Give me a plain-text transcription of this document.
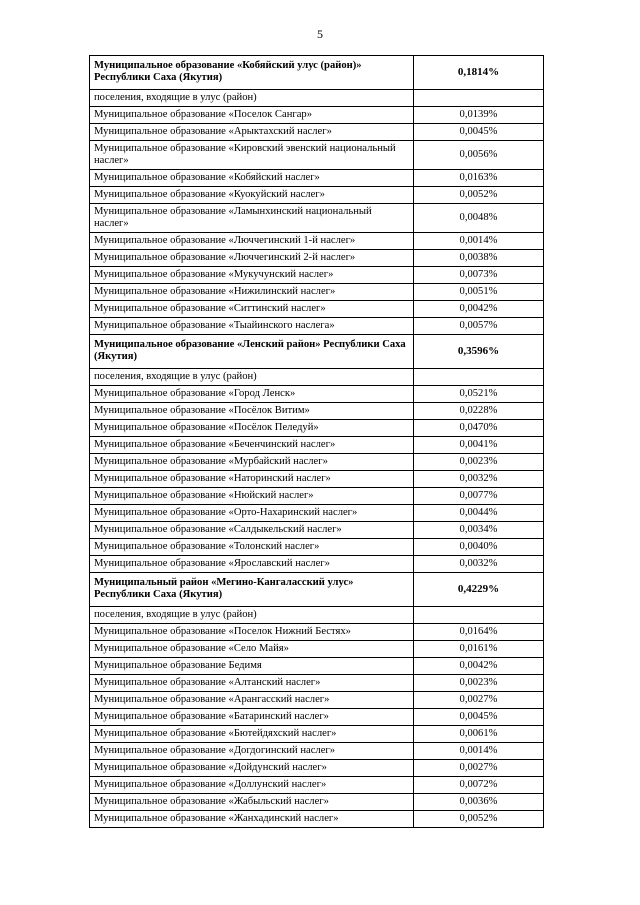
5
Муниципальное образование «Кобяйский улус (район)» Республики Саха (Якутия)	0,1814%
поселения, входящие в улус (район)	
Муниципальное образование «Поселок Сангар»	0,0139%
Муниципальное образование «Арыктахский наслег»	0,0045%
Муниципальное образование «Кировский эвенский национальный наслег»	0,0056%
Муниципальное образование «Кобяйский наслег»	0,0163%
Муниципальное образование «Куокуйский наслег»	0,0052%
Муниципальное образование «Ламынхинский национальный наслег»	0,0048%
Муниципальное образование «Люччегинский 1-й наслег»	0,0014%
Муниципальное образование «Люччегинский 2-й наслег»	0,0038%
Муниципальное образование «Мукучунский наслег»	0,0073%
Муниципальное образование «Нижилинский наслег»	0,0051%
Муниципальное образование «Ситтинский наслег»	0,0042%
Муниципальное образование «Тыайинского наслега»	0,0057%
Муниципальное образование «Ленский район» Республики Саха (Якутия)	0,3596%
поселения, входящие в улус (район)	
Муниципальное образование «Город Ленск»	0,0521%
Муниципальное образование «Посёлок Витим»	0,0228%
Муниципальное образование «Посёлок Пеледуй»	0,0470%
Муниципальное образование «Беченчинский наслег»	0,0041%
Муниципальное образование «Мурбайский наслег»	0,0023%
Муниципальное образование «Наторинский наслег»	0,0032%
Муниципальное образование «Нюйский наслег»	0,0077%
Муниципальное образование «Орто-Нахаринский наслег»	0,0044%
Муниципальное образование «Салдыкельский наслег»	0,0034%
Муниципальное образование «Толонский наслег»	0,0040%
Муниципальное образование «Ярославский наслег»	0,0032%
Муниципальный район «Мегино-Кангаласский улус» Республики Саха (Якутия)	0,4229%
поселения, входящие в улус (район)	
Муниципальное образование «Поселок Нижний Бестях»	0,0164%
Муниципальное образование «Село Майя»	0,0161%
Муниципальное образование Бедимя	0,0042%
Муниципальное образование «Алтанский наслег»	0,0023%
Муниципальное образование «Арангасский наслег»	0,0027%
Муниципальное образование «Батаринский наслег»	0,0045%
Муниципальное образование «Бютейдяхский наслег»	0,0061%
Муниципальное образование «Догдогинский наслег»	0,0014%
Муниципальное образование «Дойдунский наслег»	0,0027%
Муниципальное образование «Доллунский наслег»	0,0072%
Муниципальное образование «Жабыльский наслег»	0,0036%
Муниципальное образование «Жанхадинский наслег»	0,0052%
